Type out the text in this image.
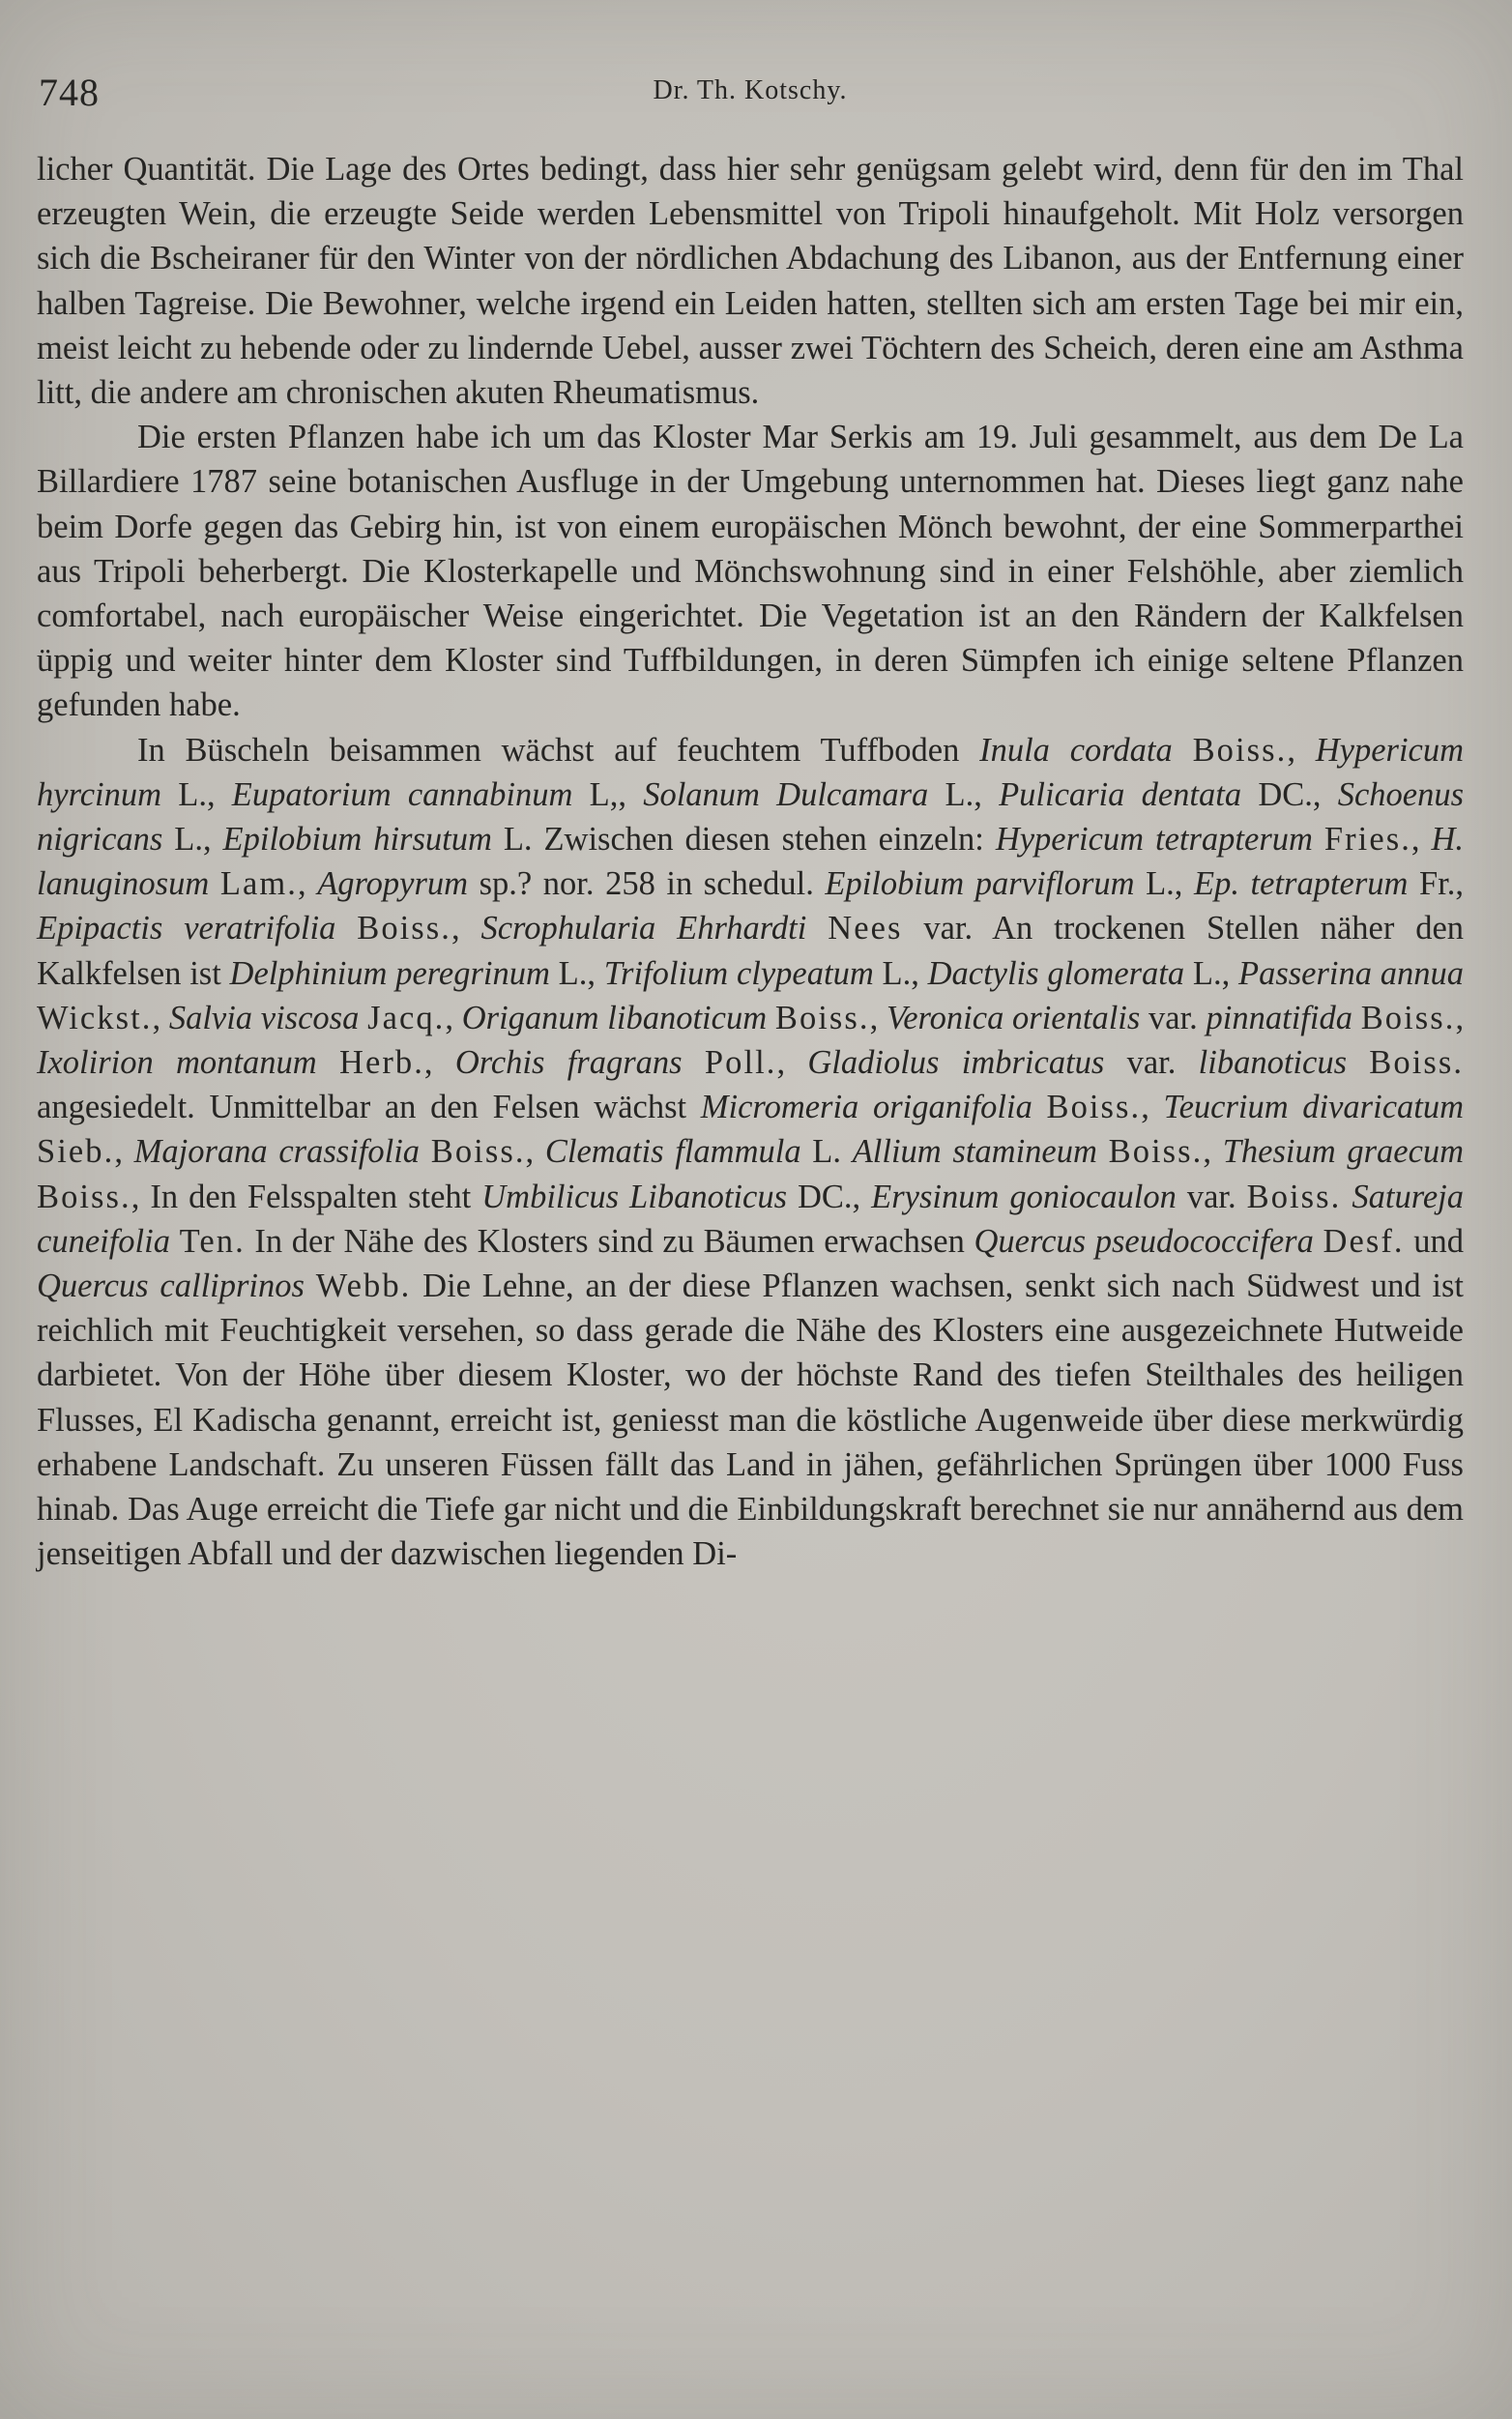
748	Dr. Th. Kotschy.

licher Quantität. Die Lage des Ortes bedingt, dass hier sehr genügsam gelebt wird, denn für den im Thal erzeugten Wein, die erzeugte Seide werden Lebensmittel von Tripoli hinaufgeholt. Mit Holz versorgen sich die Bscheiraner für den Winter von der nördlichen Abdachung des Libanon, aus der Entfernung einer halben Tagreise. Die Bewohner, welche irgend ein Leiden hatten, stellten sich am ersten Tage bei mir ein, meist leicht zu hebende oder zu lindernde Uebel, ausser zwei Töchtern des Scheich, deren eine am Asthma litt, die andere am chronischen akuten Rheumatismus.

Die ersten Pflanzen habe ich um das Kloster Mar Serkis am 19. Juli gesammelt, aus dem De La Billardiere 1787 seine botanischen Ausfluge in der Umgebung unternommen hat. Dieses liegt ganz nahe beim Dorfe gegen das Gebirg hin, ist von einem europäischen Mönch bewohnt, der eine Sommerparthei aus Tripoli beherbergt. Die Klosterkapelle und Mönchswohnung sind in einer Felshöhle, aber ziemlich comfortabel, nach europäischer Weise eingerichtet. Die Vegetation ist an den Rändern der Kalkfelsen üppig und weiter hinter dem Kloster sind Tuffbildungen, in deren Sümpfen ich einige seltene Pflanzen gefunden habe.

In Büscheln beisammen wächst auf feuchtem Tuffboden Inula cordata Boiss., Hypericum hyrcinum L., Eupatorium cannabinum L,, Solanum Dulcamara L., Pulicaria dentata DC., Schoenus nigricans L., Epilobium hirsutum L. Zwischen diesen stehen einzeln: Hypericum tetrapterum Fries., H. lanuginosum Lam., Agropyrum sp.? nor. 258 in schedul. Epilobium parviflorum L., Ep. tetrapterum Fr., Epipactis veratrifolia Boiss., Scrophularia Ehrhardti Nees var. An trockenen Stellen näher den Kalkfelsen ist Delphinium peregrinum L., Trifolium clypeatum L., Dactylis glomerata L., Passerina annua Wickst., Salvia viscosa Jacq., Origanum libanoticum Boiss., Veronica orientalis var. pinnatifida Boiss., Ixolirion montanum Herb., Orchis fragrans Poll., Gladiolus imbricatus var. libanoticus Boiss. angesiedelt. Unmittelbar an den Felsen wächst Micromeria origanifolia Boiss., Teucrium divaricatum Sieb., Majorana crassifolia Boiss., Clematis flammula L. Allium stamineum Boiss., Thesium graecum Boiss., In den Felsspalten steht Umbilicus Libanoticus DC., Erysinum goniocaulon var. Boiss. Satureja cuneifolia Ten. In der Nähe des Klosters sind zu Bäumen erwachsen Quercus pseudococcifera Desf. und Quercus calliprinos Webb. Die Lehne, an der diese Pflanzen wachsen, senkt sich nach Südwest und ist reichlich mit Feuchtigkeit versehen, so dass gerade die Nähe des Klosters eine ausgezeichnete Hutweide darbietet. Von der Höhe über diesem Kloster, wo der höchste Rand des tiefen Steilthales des heiligen Flusses, El Kadischa genannt, erreicht ist, geniesst man die köstliche Augenweide über diese merkwürdig erhabene Landschaft. Zu unseren Füssen fällt das Land in jähen, gefährlichen Sprüngen über 1000 Fuss hinab. Das Auge erreicht die Tiefe gar nicht und die Einbildungskraft berechnet sie nur annähernd aus dem jenseitigen Abfall und der dazwischen liegenden Di-
